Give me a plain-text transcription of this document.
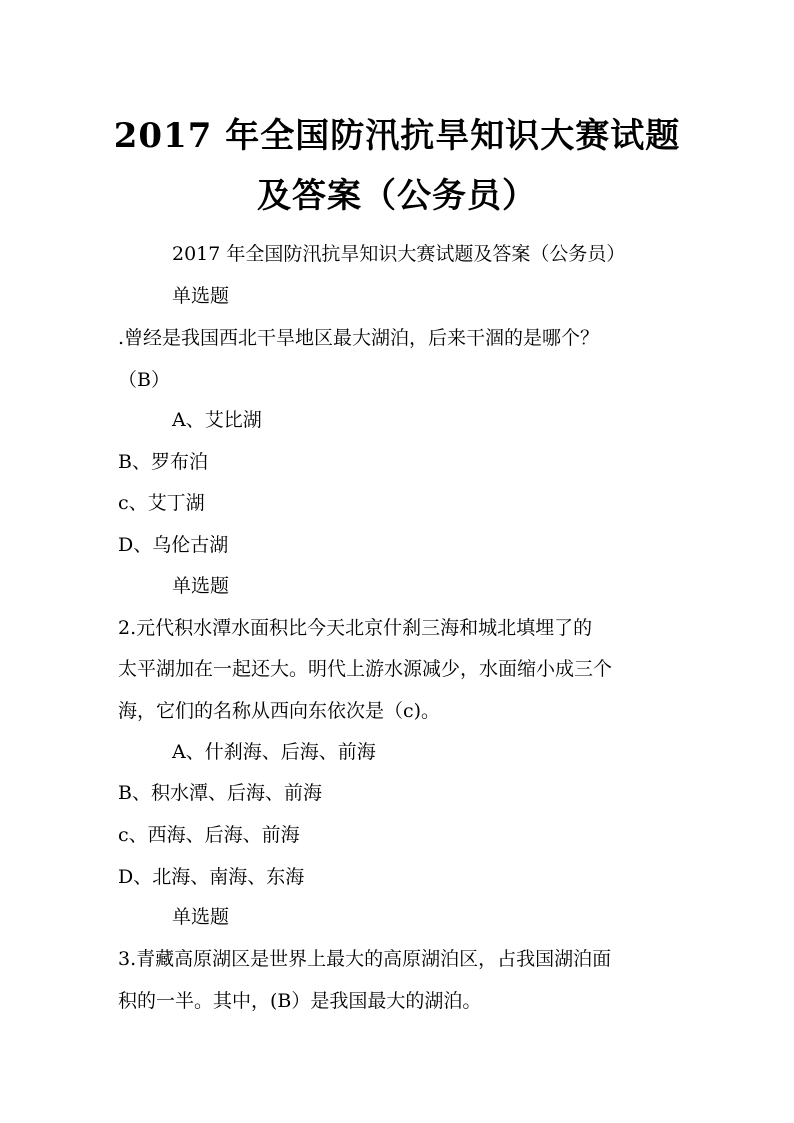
2017 年全国防汛抗旱知识大赛试题
及答案（公务员）
2017 年全国防汛抗旱知识大赛试题及答案（公务员）
单选题
.曾经是我国西北干旱地区最大湖泊，后来干涸的是哪个？
（B）
A、艾比湖
B、罗布泊
c、艾丁湖
D、乌伦古湖
单选题
2.元代积水潭水面积比今天北京什刹三海和城北填埋了的
太平湖加在一起还大。明代上游水源减少，水面缩小成三个
海，它们的名称从西向东依次是（c)。
A、什刹海、后海、前海
B、积水潭、后海、前海
c、西海、后海、前海
D、北海、南海、东海
单选题
3.青藏高原湖区是世界上最大的高原湖泊区，占我国湖泊面
积的一半。其中，(B）是我国最大的湖泊。
